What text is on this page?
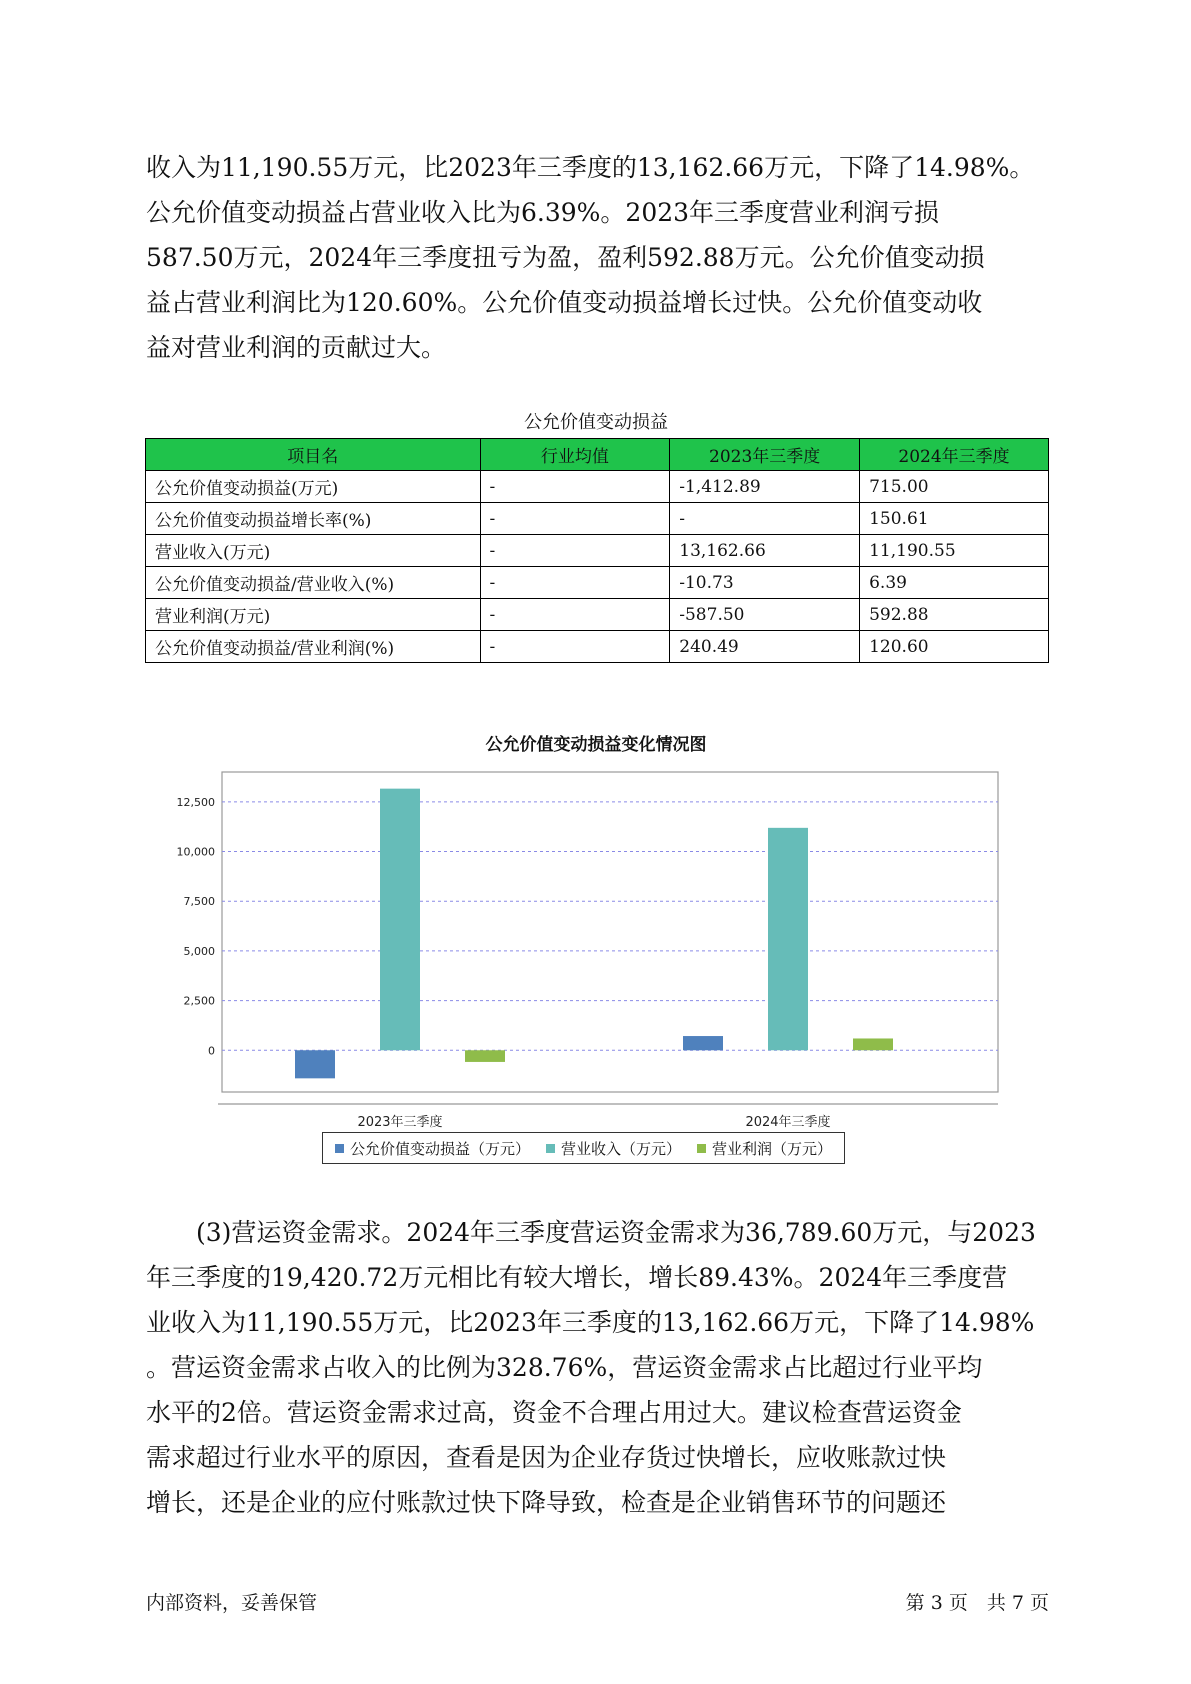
收入为11,190.55万元，比2023年三季度的13,162.66万元，下降了14.98%。
公允价值变动损益占营业收入比为6.39%。2023年三季度营业利润亏损
587.50万元，2024年三季度扭亏为盈，盈利592.88万元。公允价值变动损
益占营业利润比为120.60%。公允价值变动损益增长过快。公允价值变动收
益对营业利润的贡献过大。
公允价值变动损益
项目名	行业均值	2023年三季度	2024年三季度
公允价值变动损益(万元)	-	-1,412.89	715.00
公允价值变动损益增长率(%)	-	-	150.61
营业收入(万元)	-	13,162.66	11,190.55
公允价值变动损益/营业收入(%)	-	-10.73	6.39
营业利润(万元)	-	-587.50	592.88
公允价值变动损益/营业利润(%)	-	240.49	120.60
公允价值变动损益变化情况图
12,500
10,000
7,500
5,000
2,500
0
2023年三季度	2024年三季度
公允价值变动损益（万元） 营业收入（万元） 营业利润（万元）
　　(3)营运资金需求。2024年三季度营运资金需求为36,789.60万元，与2023
年三季度的19,420.72万元相比有较大增长，增长89.43%。2024年三季度营
业收入为11,190.55万元，比2023年三季度的13,162.66万元，下降了14.98%
。营运资金需求占收入的比例为328.76%，营运资金需求占比超过行业平均
水平的2倍。营运资金需求过高，资金不合理占用过大。建议检查营运资金
需求超过行业水平的原因，查看是因为企业存货过快增长，应收账款过快
增长，还是企业的应付账款过快下降导致，检查是企业销售环节的问题还
内部资料，妥善保管	第 3 页　共 7 页
